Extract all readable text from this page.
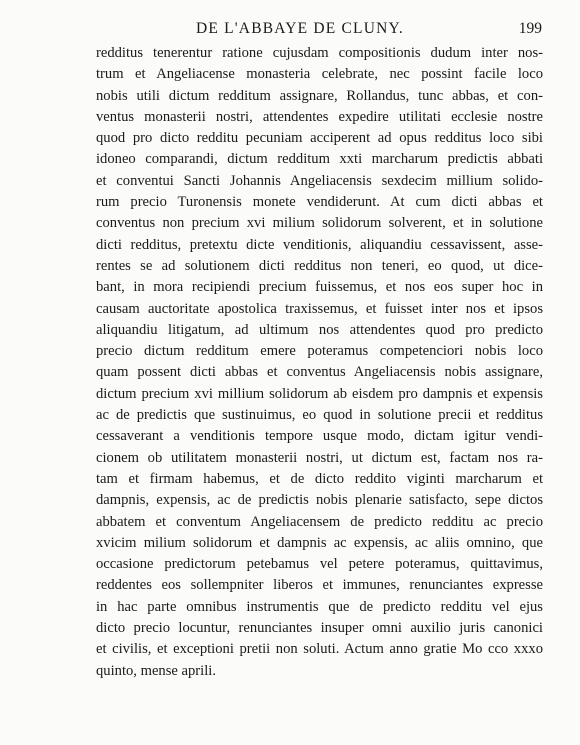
DE L'ABBAYE DE CLUNY.	199
redditus tenerentur ratione cujusdam compositionis dudum inter nos-
trum et Angeliacense monasteria celebrate, nec possint facile loco
nobis utili dictum redditum assignare, Rollandus, tunc abbas, et con-
ventus monasterii nostri, attendentes expedire utilitati ecclesie nostre
quod pro dicto redditu pecuniam acciperent ad opus redditus loco sibi
idoneo comparandi, dictum redditum xxti marcharum predictis abbati
et conventui Sancti Johannis Angeliacensis sexdecim millium solido-
rum precio Turonensis monete vendiderunt. At cum dicti abbas et
conventus non precium xvi milium solidorum solverent, et in solutione
dicti redditus, pretextu dicte venditionis, aliquandiu cessavissent, asse-
rentes se ad solutionem dicti redditus non teneri, eo quod, ut dice-
bant, in mora recipiendi precium fuissemus, et nos eos super hoc in
causam auctoritate apostolica traxissemus, et fuisset inter nos et ipsos
aliquandiu litigatum, ad ultimum nos attendentes quod pro predicto
precio dictum redditum emere poteramus competenciori nobis loco
quam possent dicti abbas et conventus Angeliacensis nobis assignare,
dictum precium xvi millium solidorum ab eisdem pro dampnis et expensis
ac de predictis que sustinuimus, eo quod in solutione precii et redditus
cessaverant a venditionis tempore usque modo, dictam igitur vendi-
cionem ob utilitatem monasterii nostri, ut dictum est, factam nos ra-
tam et firmam habemus, et de dicto reddito viginti marcharum et
dampnis, expensis, ac de predictis nobis plenarie satisfacto, sepe dictos
abbatem et conventum Angeliacensem de predicto redditu ac precio
xvicim milium solidorum et dampnis ac expensis, ac aliis omnino, que
occasione predictorum petebamus vel petere poteramus, quittavimus,
reddentes eos sollempniter liberos et immunes, renunciantes expresse
in hac parte omnibus instrumentis que de predicto redditu vel ejus
dicto precio locuntur, renunciantes insuper omni auxilio juris canonici
et civilis, et exceptioni pretii non soluti. Actum anno gratie Mo cco xxxo
quinto, mense aprili.
